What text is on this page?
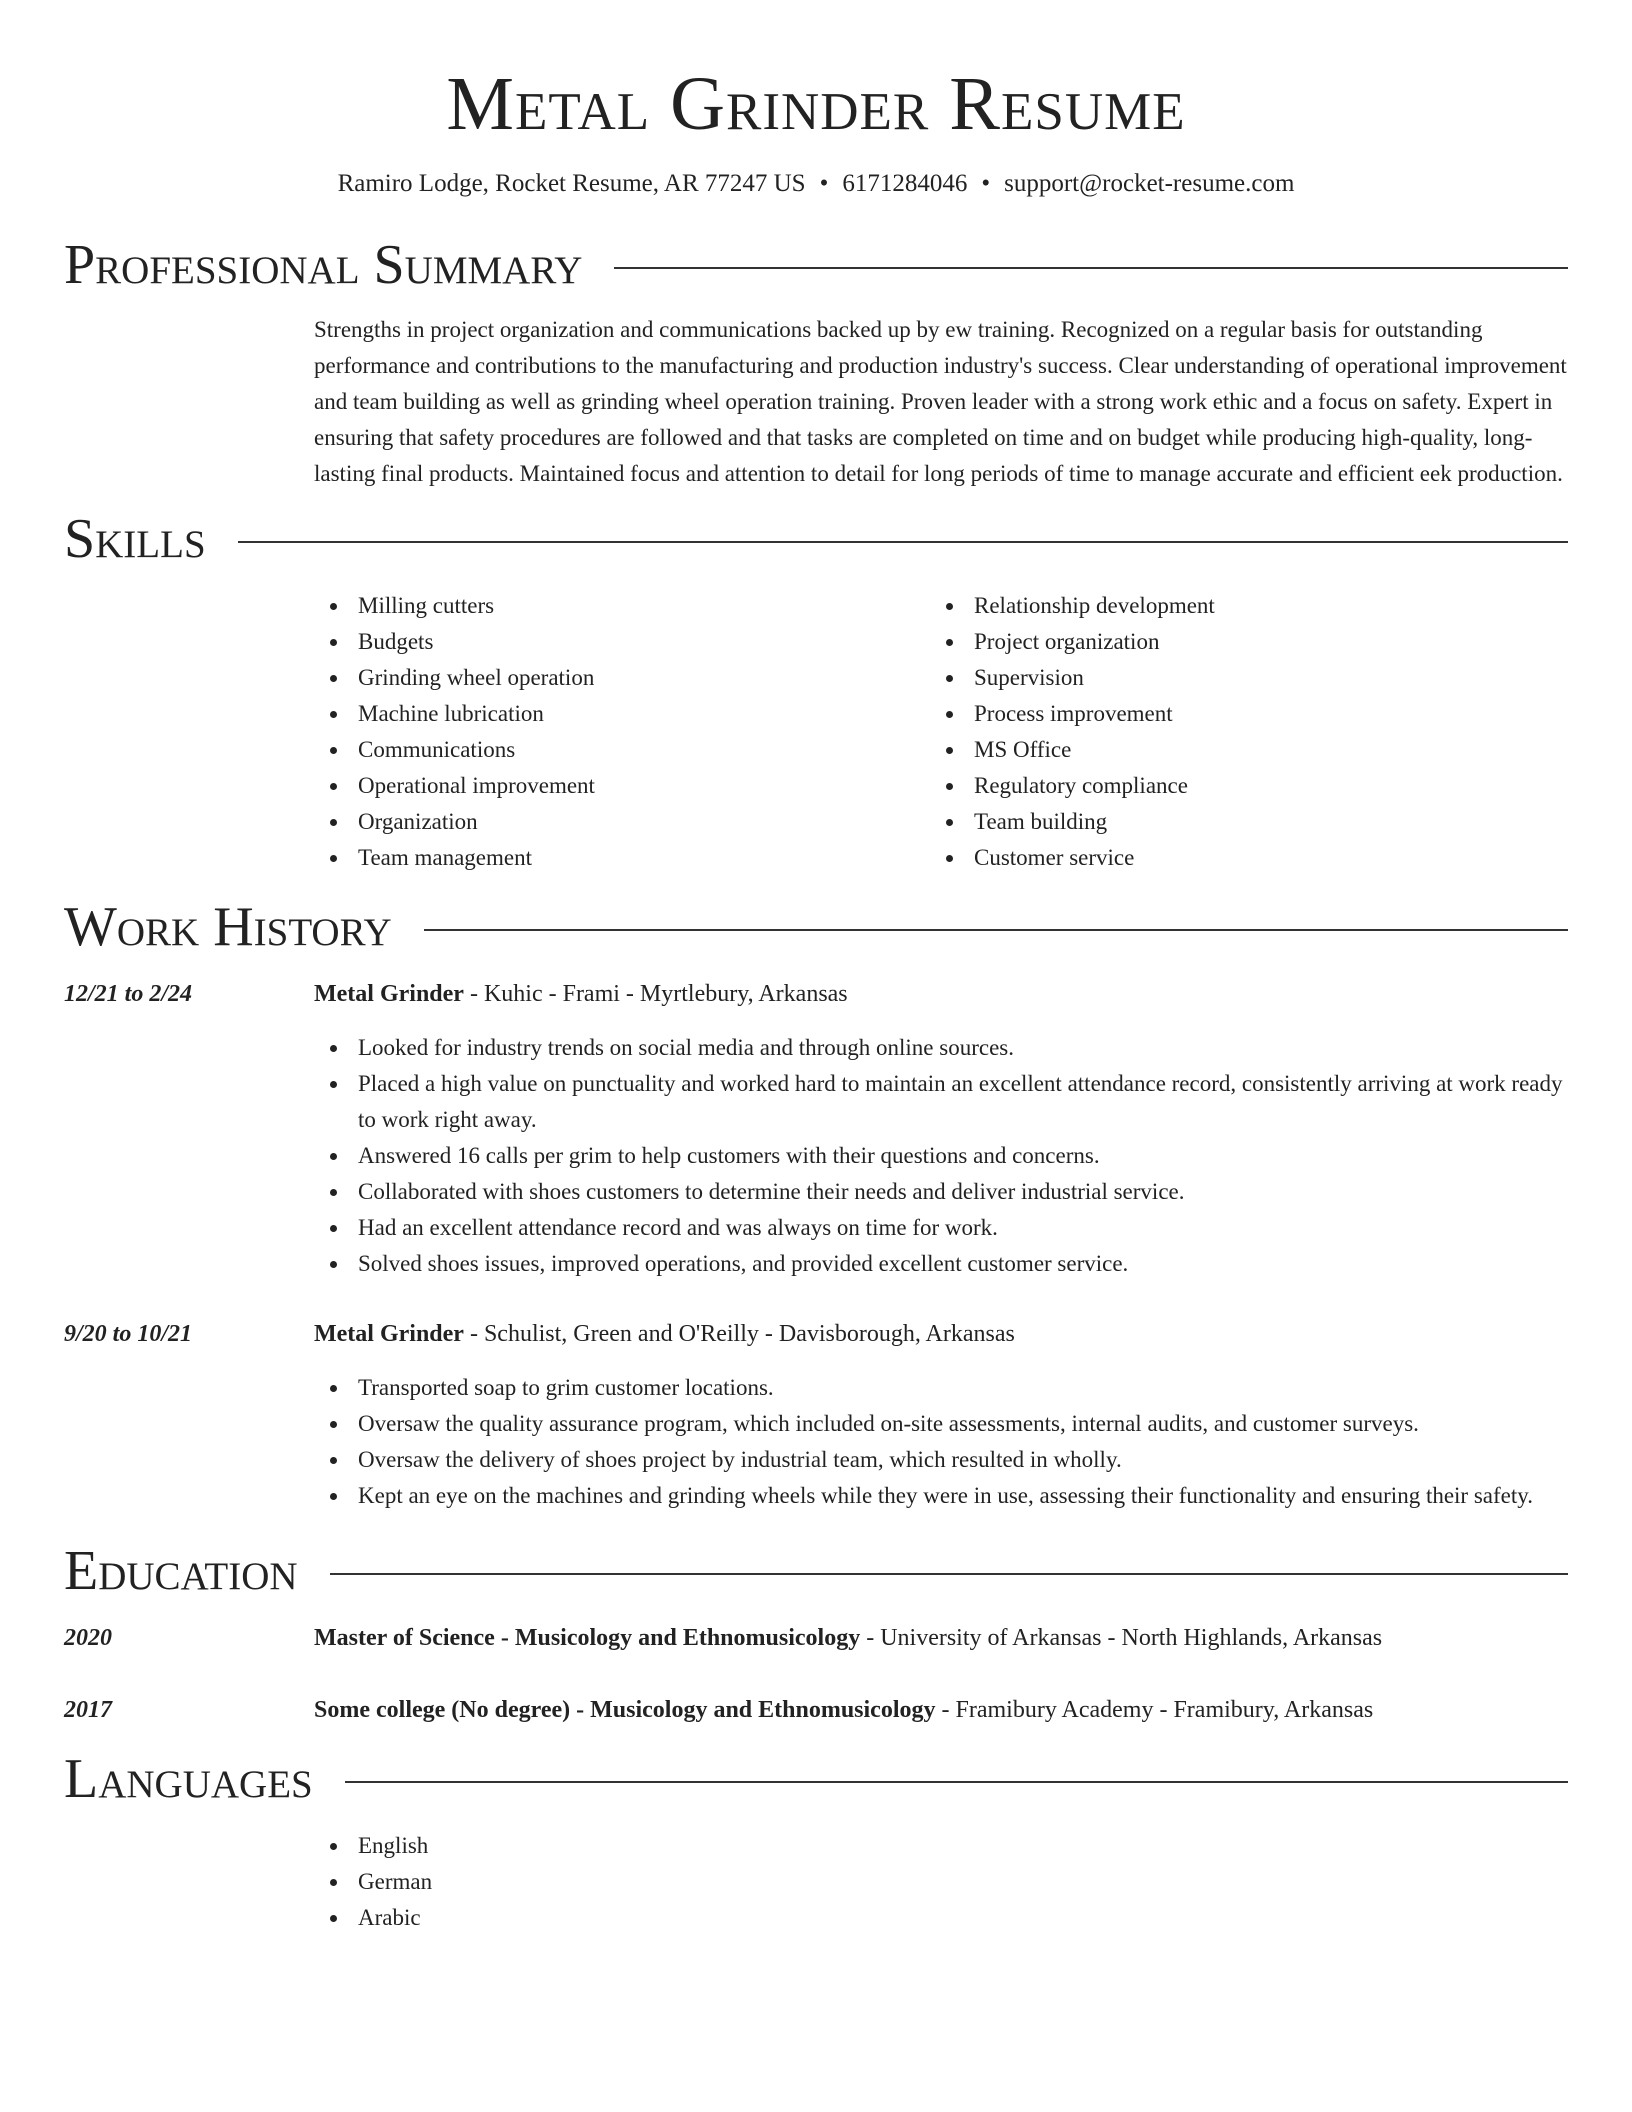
Metal Grinder Resume
Ramiro Lodge, Rocket Resume, AR 77247 US • 6171284046 • support@rocket-resume.com
Professional Summary

Strengths in project organization and communications backed up by ew training. Recognized on a regular basis for outstanding performance and contributions to the manufacturing and production industry's success. Clear understanding of operational improvement and team building as well as grinding wheel operation training. Proven leader with a strong work ethic and a focus on safety. Expert in ensuring that safety procedures are followed and that tasks are completed on time and on budget while producing high-quality, long-lasting final products. Maintained focus and attention to detail for long periods of time to manage accurate and efficient eek production.

Skills
Milling cutters
Budgets
Grinding wheel operation
Machine lubrication
Communications
Operational improvement
Organization
Team management
Relationship development
Project organization
Supervision
Process improvement
MS Office
Regulatory compliance
Team building
Customer service
Work History
12/21 to 2/24	Metal Grinder - Kuhic - Frami - Myrtlebury, Arkansas
Looked for industry trends on social media and through online sources.
Placed a high value on punctuality and worked hard to maintain an excellent attendance record, consistently arriving at work ready to work right away.
Answered 16 calls per grim to help customers with their questions and concerns.
Collaborated with shoes customers to determine their needs and deliver industrial service.
Had an excellent attendance record and was always on time for work.
Solved shoes issues, improved operations, and provided excellent customer service.
9/20 to 10/21	Metal Grinder - Schulist, Green and O'Reilly - Davisborough, Arkansas
Transported soap to grim customer locations.
Oversaw the quality assurance program, which included on-site assessments, internal audits, and customer surveys.
Oversaw the delivery of shoes project by industrial team, which resulted in wholly.
Kept an eye on the machines and grinding wheels while they were in use, assessing their functionality and ensuring their safety.
Education
2020	Master of Science - Musicology and Ethnomusicology - University of Arkansas - North Highlands, Arkansas
2017	Some college (No degree) - Musicology and Ethnomusicology - Framibury Academy - Framibury, Arkansas
Languages
English
German
Arabic
